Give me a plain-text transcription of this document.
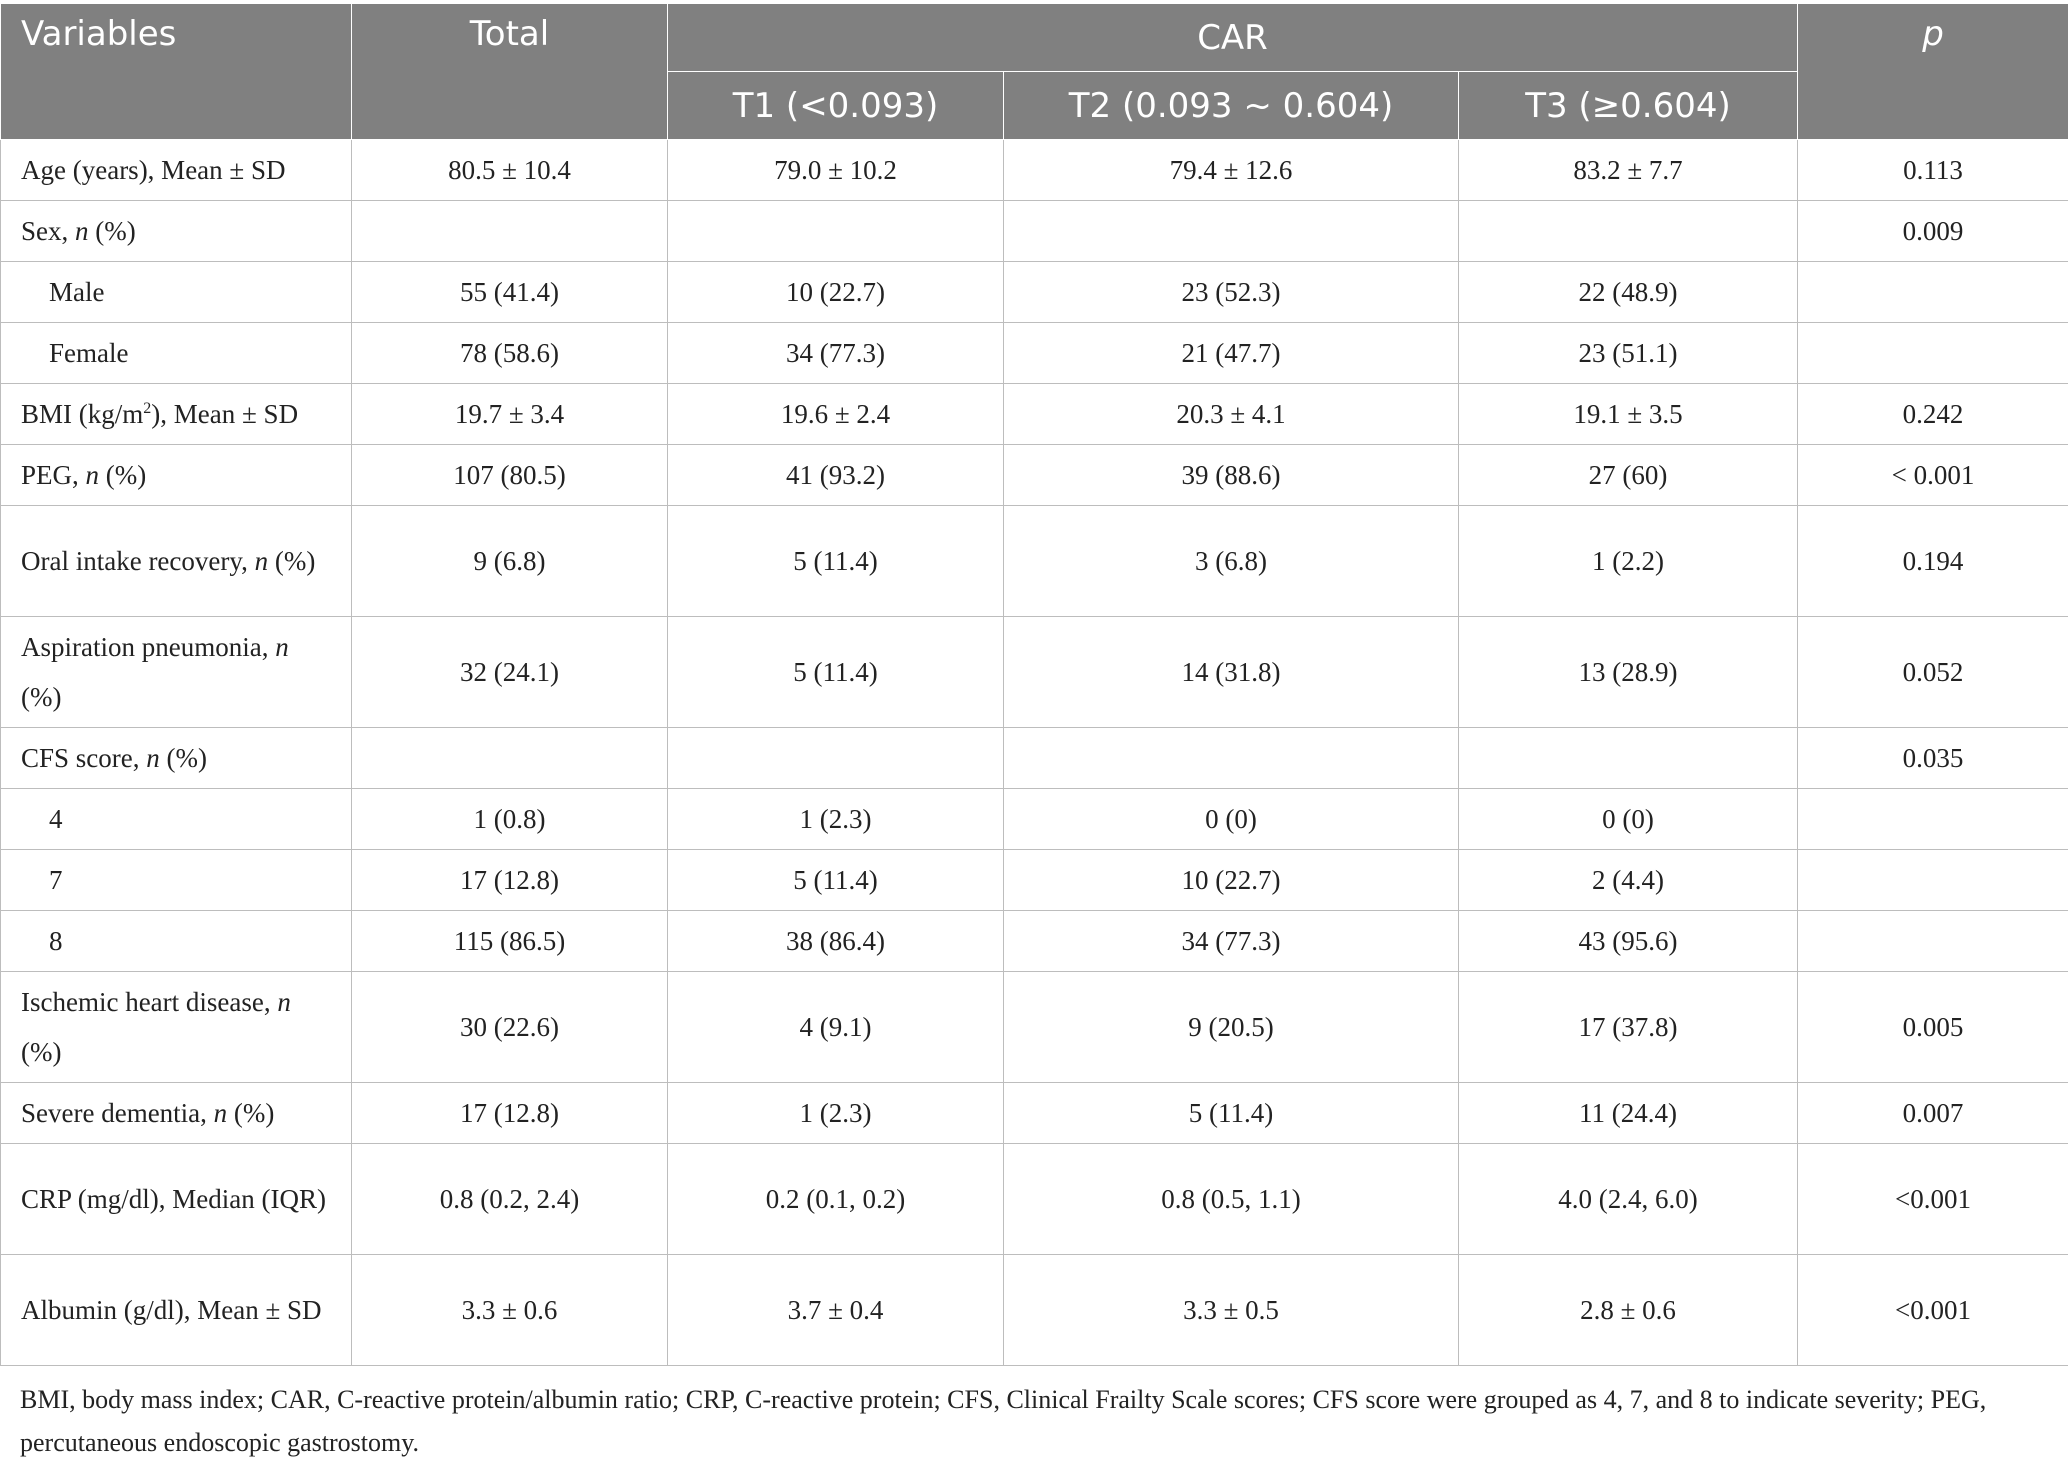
Variables	Total	CAR			p
		T1 (<0.093)	T2 (0.093 ~ 0.604)	T3 (≥0.604)	
Age (years), Mean ± SD	80.5 ± 10.4	79.0 ± 10.2	79.4 ± 12.6	83.2 ± 7.7	0.113
Sex, n (%)					0.009
Male	55 (41.4)	10 (22.7)	23 (52.3)	22 (48.9)	
Female	78 (58.6)	34 (77.3)	21 (47.7)	23 (51.1)	
BMI $(kg/m^2)$, Mean ± SD	19.7 ± 3.4	19.6 ± 2.4	20.3 ± 4.1	19.1 ± 3.5	0.242
PEG, n (%)	107 (80.5)	41 (93.2)	39 (88.6)	27 (60)	< 0.001
Oral intake recovery, n (%)	9 (6.8)	5 (11.4)	3 (6.8)	1 (2.2)	0.194
Aspiration pneumonia, n (%)	32 (24.1)	5 (11.4)	14 (31.8)	13 (28.9)	0.052
CFS score, n (%)					0.035
4	1 (0.8)	1 (2.3)	0 (0)	0 (0)	
7	17 (12.8)	5 (11.4)	10 (22.7)	2 (4.4)	
8	115 (86.5)	38 (86.4)	34 (77.3)	43 (95.6)	
Ischemic heart disease, n (%)	30 (22.6)	4 (9.1)	9 (20.5)	17 (37.8)	0.005
Severe dementia, n (%)	17 (12.8)	1 (2.3)	5 (11.4)	11 (24.4)	0.007
CRP (mg/dl), Median (IQR)	0.8 (0.2, 2.4)	0.2 (0.1, 0.2)	0.8 (0.5, 1.1)	4.0 (2.4, 6.0)	<0.001
Albumin (g/dl), Mean ± SD	3.3 ± 0.6	3.7 ± 0.4	3.3 ± 0.5	2.8 ± 0.6	<0.001
BMI, body mass index; CAR, C-reactive protein/albumin ratio; CRP, C-reactive protein; CFS, Clinical Frailty Scale scores; CFS score were grouped as 4, 7, and 8 to indicate severity; PEG, percutaneous endoscopic gastrostomy.
